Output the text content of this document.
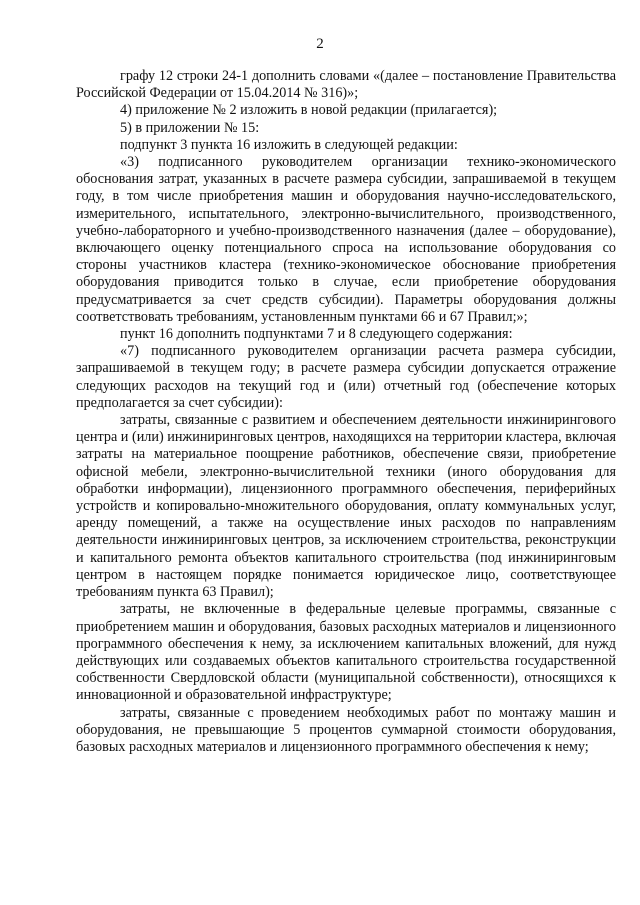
2

графу 12 строки 24-1 дополнить словами «(далее – постановление Правительства Российской Федерации от 15.04.2014 № 316)»;

4) приложение № 2 изложить в новой редакции (прилагается);

5) в приложении № 15:

подпункт 3 пункта 16 изложить в следующей редакции:

«3) подписанного руководителем организации технико-экономического обоснования затрат, указанных в расчете размера субсидии, запрашиваемой в текущем году, в том числе приобретения машин и оборудования научно-исследовательского, измерительного, испытательного, электронно-вычислительного, производственного, учебно-лабораторного и учебно-производственного назначения (далее – оборудование), включающего оценку потенциального спроса на использование оборудования со стороны участников кластера (технико-экономическое обоснование приобретения оборудования приводится только в случае, если приобретение оборудования предусматривается за счет средств субсидии). Параметры оборудования должны соответствовать требованиям, установленным пунктами 66 и 67 Правил;»;

пункт 16 дополнить подпунктами 7 и 8 следующего содержания:

«7) подписанного руководителем организации расчета размера субсидии, запрашиваемой в текущем году; в расчете размера субсидии допускается отражение следующих расходов на текущий год и (или) отчетный год (обеспечение которых предполагается за счет субсидии):

затраты, связанные с развитием и обеспечением деятельности инжинирингового центра и (или) инжиниринговых центров, находящихся на территории кластера, включая затраты на материальное поощрение работников, обеспечение связи, приобретение офисной мебели, электронно-вычислительной техники (иного оборудования для обработки информации), лицензионного программного обеспечения, периферийных устройств и копировально-множительного оборудования, оплату коммунальных услуг, аренду помещений, а также на осуществление иных расходов по направлениям деятельности инжиниринговых центров, за исключением строительства, реконструкции и капитального ремонта объектов капитального строительства (под инжиниринговым центром в настоящем порядке понимается юридическое лицо, соответствующее требованиям пункта 63 Правил);

затраты, не включенные в федеральные целевые программы, связанные с приобретением машин и оборудования, базовых расходных материалов и лицензионного программного обеспечения к нему, за исключением капитальных вложений, для нужд действующих или создаваемых объектов капитального строительства государственной собственности Свердловской области (муниципальной собственности), относящихся к инновационной и образовательной инфраструктуре;

затраты, связанные с проведением необходимых работ по монтажу машин и оборудования, не превышающие 5 процентов суммарной стоимости оборудования, базовых расходных материалов и лицензионного программного обеспечения к нему;
